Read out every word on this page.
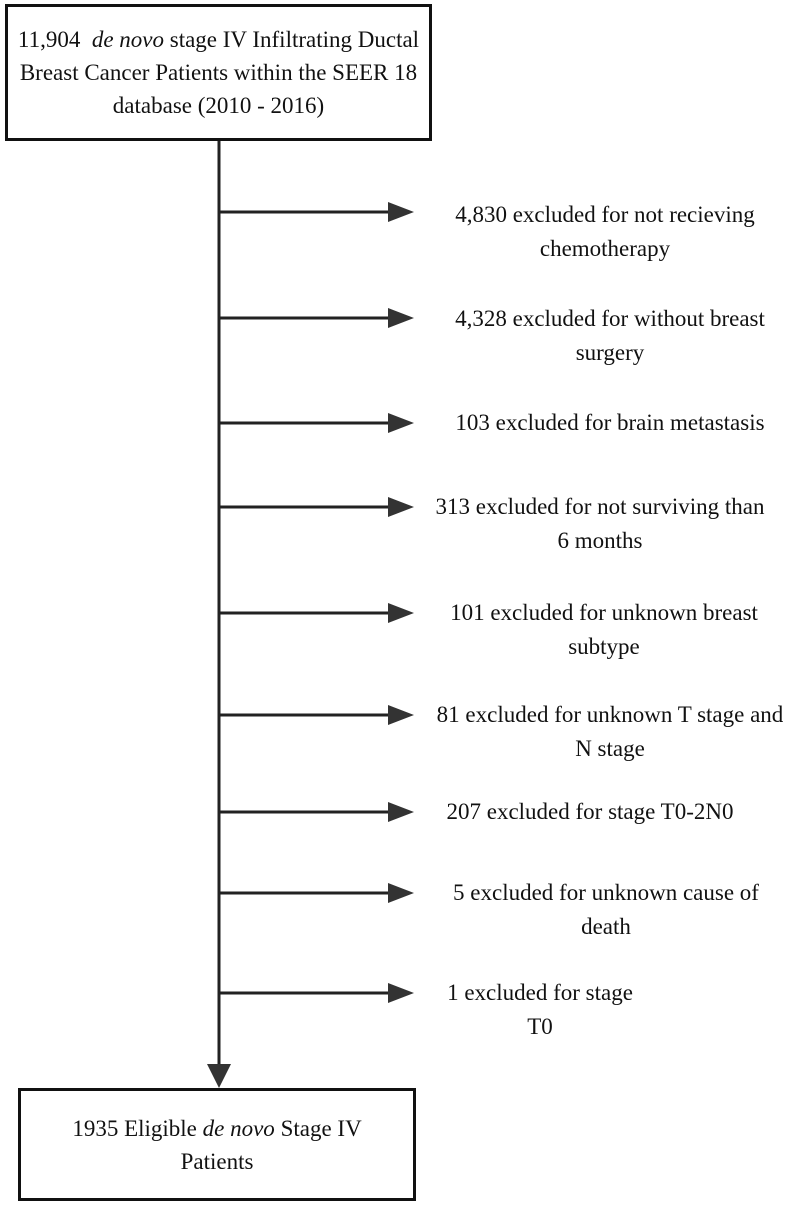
11,904 de novo stage IV Infiltrating Ductal Breast Cancer Patients within the SEER 18 database (2010 - 2016)

4,830 excluded for not recieving chemotherapy
4,328 excluded for without breast surgery
103 excluded for brain metastasis
313 excluded for not surviving than 6 months
101 excluded for unknown breast subtype
81 excluded for unknown T stage and N stage
207 excluded for stage T0-2N0
5 excluded for unknown cause of death
1 excluded for stage T0

1935 Eligible de novo Stage IV Patients
